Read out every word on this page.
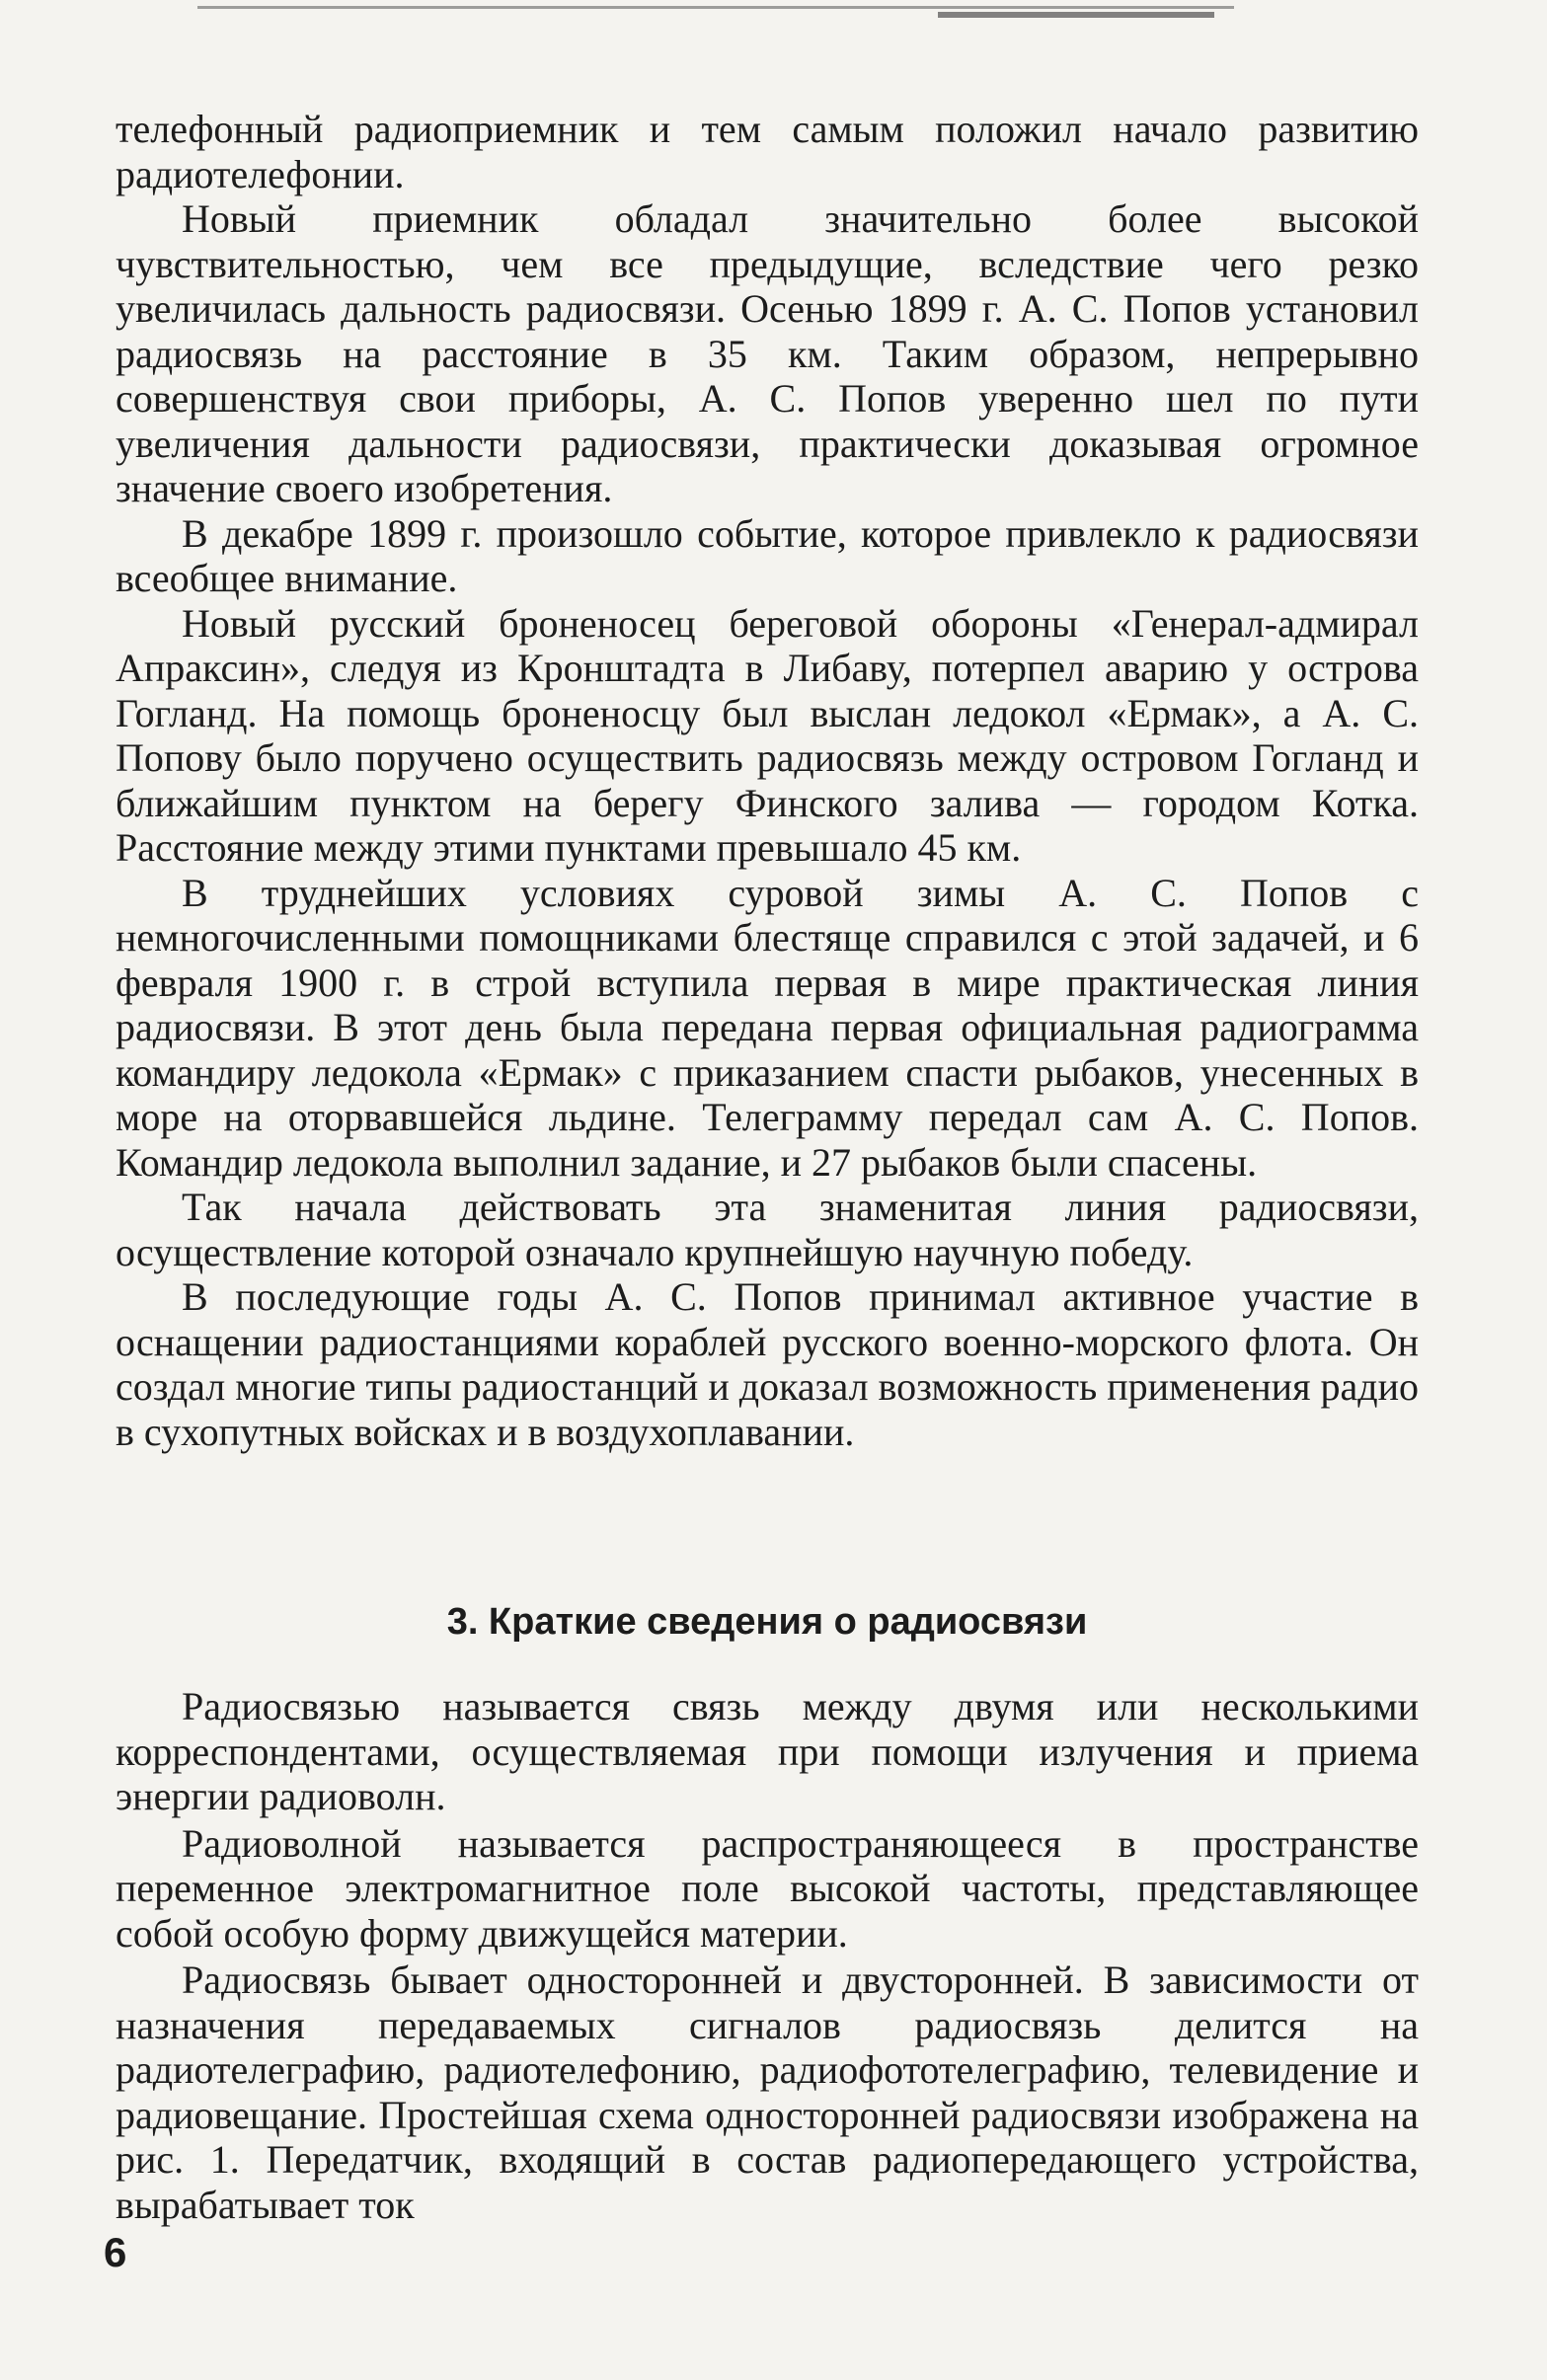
телефонный радиоприемник и тем самым положил начало развитию радиотелефонии.

Новый приемник обладал значительно более высокой чувствительностью, чем все предыдущие, вследствие чего резко увеличилась дальность радиосвязи. Осенью 1899 г. А. С. Попов установил радиосвязь на расстояние в 35 км. Таким образом, непрерывно совершенствуя свои приборы, А. С. Попов уверенно шел по пути увеличения дальности радиосвязи, практически доказывая огромное значение своего изобретения.

В декабре 1899 г. произошло событие, которое привлекло к радиосвязи всеобщее внимание.

Новый русский броненосец береговой обороны «Генерал-адмирал Апраксин», следуя из Кронштадта в Либаву, потерпел аварию у острова Гогланд. На помощь броненосцу был выслан ледокол «Ермак», а А. С. Попову было поручено осуществить радиосвязь между островом Гогланд и ближайшим пунктом на берегу Финского залива — городом Котка. Расстояние между этими пунктами превышало 45 км.

В труднейших условиях суровой зимы А. С. Попов с немногочисленными помощниками блестяще справился с этой задачей, и 6 февраля 1900 г. в строй вступила первая в мире практическая линия радиосвязи. В этот день была передана первая официальная радиограмма командиру ледокола «Ермак» с приказанием спасти рыбаков, унесенных в море на оторвавшейся льдине. Телеграмму передал сам А. С. Попов. Командир ледокола выполнил задание, и 27 рыбаков были спасены.

Так начала действовать эта знаменитая линия радиосвязи, осуществление которой означало крупнейшую научную победу.

В последующие годы А. С. Попов принимал активное участие в оснащении радиостанциями кораблей русского военно-морского флота. Он создал многие типы радиостанций и доказал возможность применения радио в сухопутных войсках и в воздухоплавании.

3. Краткие сведения о радиосвязи

Радиосвязью называется связь между двумя или несколькими корреспондентами, осуществляемая при помощи излучения и приема энергии радиоволн.

Радиоволной называется распространяющееся в пространстве переменное электромагнитное поле высокой частоты, представляющее собой особую форму движущейся материи.

Радиосвязь бывает односторонней и двусторонней. В зависимости от назначения передаваемых сигналов радиосвязь делится на радиотелеграфию, радиотелефонию, радиофототелеграфию, телевидение и радиовещание. Простейшая схема односторонней радиосвязи изображена на рис. 1. Передатчик, входящий в состав радиопередающего устройства, вырабатывает ток

6
